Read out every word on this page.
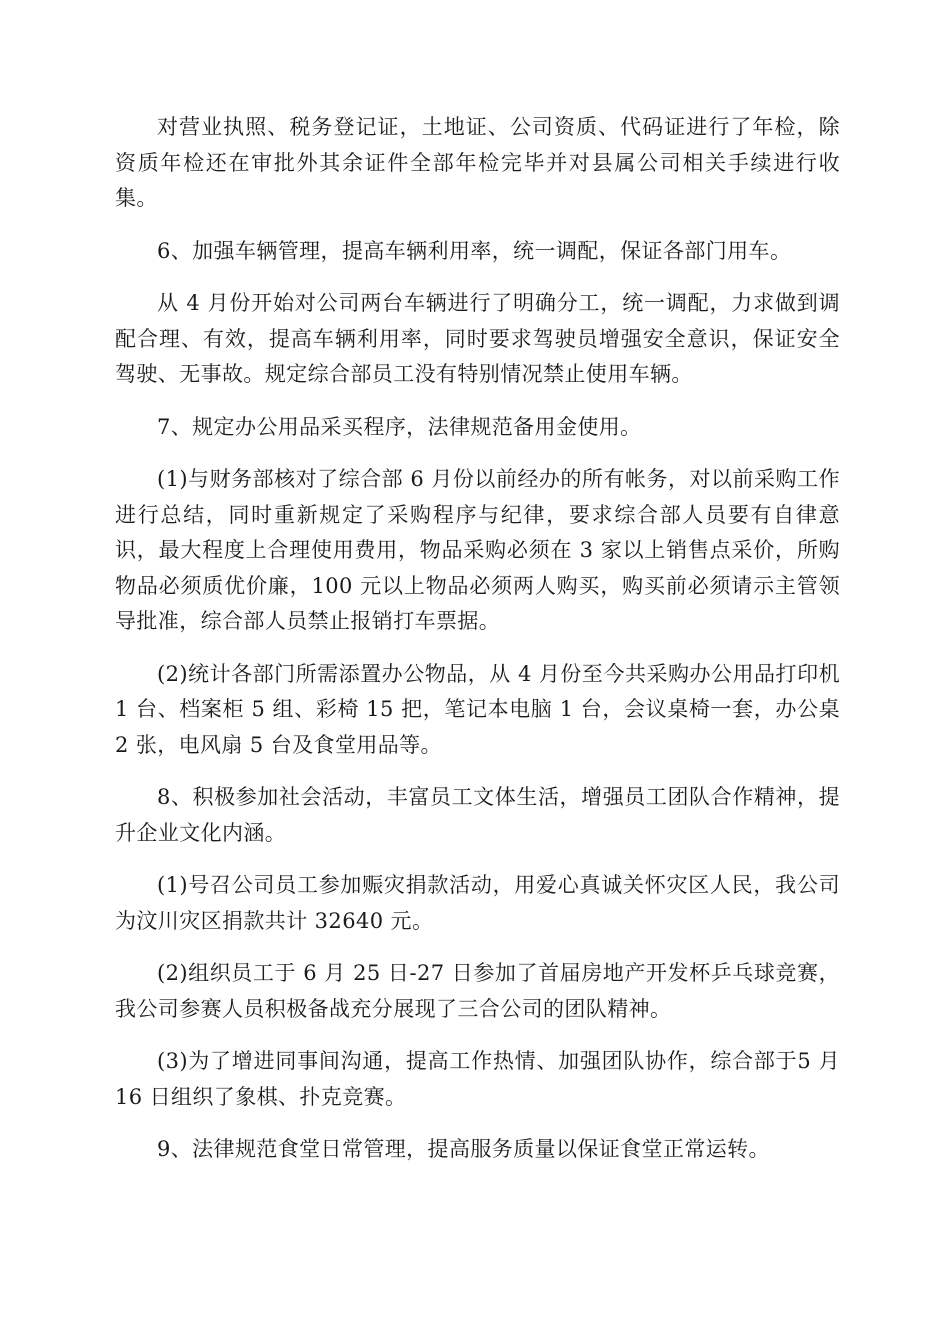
对营业执照、税务登记证，土地证、公司资质、代码证进行了年检，除资质年检还在审批外其余证件全部年检完毕并对县属公司相关手续进行收集。

6、加强车辆管理，提高车辆利用率，统一调配，保证各部门用车。

从 4 月份开始对公司两台车辆进行了明确分工，统一调配，力求做到调配合理、有效，提高车辆利用率，同时要求驾驶员增强安全意识，保证安全驾驶、无事故。规定综合部员工没有特别情况禁止使用车辆。

7、规定办公用品采买程序，法律规范备用金使用。

(1)与财务部核对了综合部 6 月份以前经办的所有帐务，对以前采购工作进行总结，同时重新规定了采购程序与纪律，要求综合部人员要有自律意识，最大程度上合理使用费用，物品采购必须在 3 家以上销售点采价，所购物品必须质优价廉，100 元以上物品必须两人购买，购买前必须请示主管领导批准，综合部人员禁止报销打车票据。

(2)统计各部门所需添置办公物品，从 4 月份至今共采购办公用品打印机 1 台、档案柜 5 组、彩椅 15 把，笔记本电脑 1 台，会议桌椅一套，办公桌 2 张，电风扇 5 台及食堂用品等。

8、积极参加社会活动，丰富员工文体生活，增强员工团队合作精神，提升企业文化内涵。

(1)号召公司员工参加赈灾捐款活动，用爱心真诚关怀灾区人民，我公司为汶川灾区捐款共计 32640 元。

(2)组织员工于 6 月 25 日-27 日参加了首届房地产开发杯乒乓球竞赛，我公司参赛人员积极备战充分展现了三合公司的团队精神。

(3)为了增进同事间沟通，提高工作热情、加强团队协作，综合部于5 月 16 日组织了象棋、扑克竞赛。

9、法律规范食堂日常管理，提高服务质量以保证食堂正常运转。
